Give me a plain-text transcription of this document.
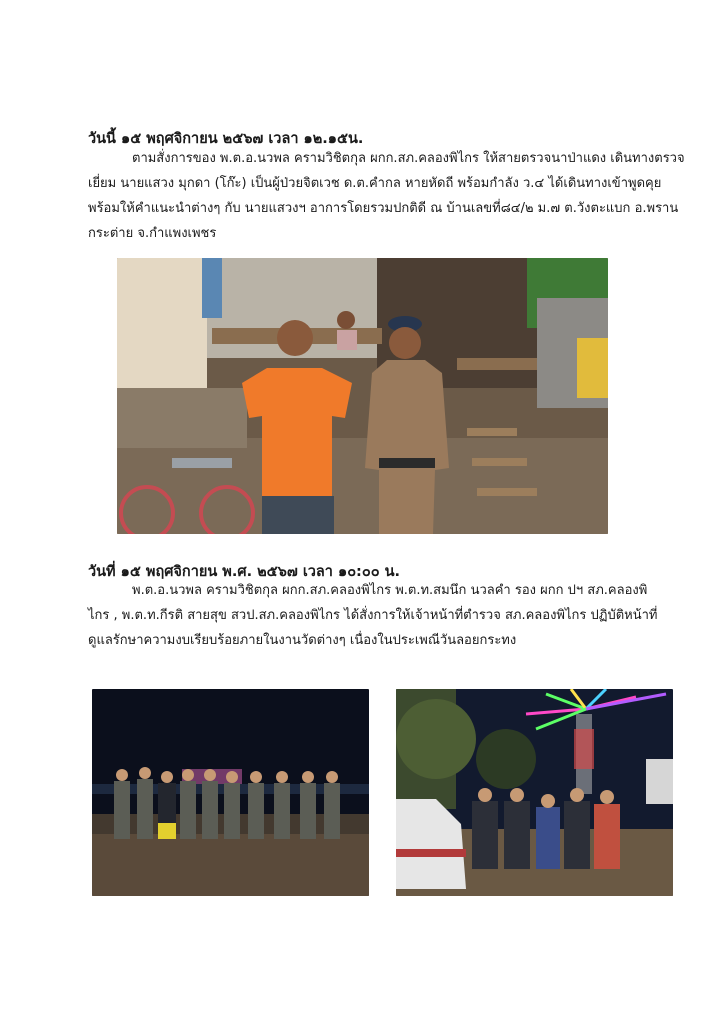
วันนี้ ๑๕ พฤศจิกายน ๒๕๖๗ เวลา ๑๒.๑๕น.
ตามสั่งการของ พ.ต.อ.นวพล ครามวิชิตกุล ผกก.สภ.คลองพิไกร ให้สายตรวจนาป่าแดง เดินทางตรวจ
เยี่ยม นายแสวง มุกดา (โก๊ะ) เป็นผู้ป่วยจิตเวช ด.ต.คำกล หายหัดถี พร้อมกำลัง ว.๔ ได้เดินทางเข้าพูดคุย
พร้อมให้คำแนะนำต่างๆ กับ นายแสวงฯ อาการโดยรวมปกติดี ณ บ้านเลขที่๘๔/๒ ม.๗ ต.วังตะแบก อ.พราน
กระต่าย จ.กำแพงเพชร
วันที่ ๑๕ พฤศจิกายน พ.ศ. ๒๕๖๗ เวลา ๑๐:๐๐ น.
พ.ต.อ.นวพล ครามวิชิตกุล ผกก.สภ.คลองพิไกร พ.ต.ท.สมนึก นวลคำ รอง ผกก ปฯ สภ.คลองพิ
ไกร , พ.ต.ท.กีรติ สายสุข สวป.สภ.คลองพิไกร ได้สั่งการให้เจ้าหน้าที่ตำรวจ สภ.คลองพิไกร ปฏิบัติหน้าที่
ดูแลรักษาความงบเรียบร้อยภายในงานวัดต่างๆ เนื่องในประเพณีวันลอยกระทง
